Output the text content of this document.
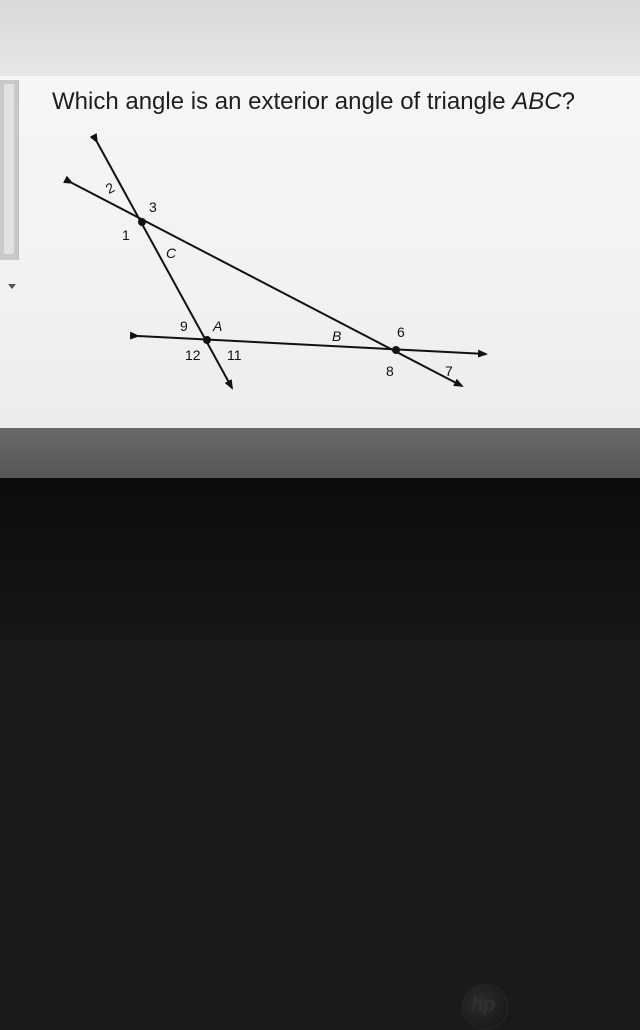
Which angle is an exterior angle of triangle ABC?
C
A
B
1
2
3
6
7
8
9
11
12
hp
